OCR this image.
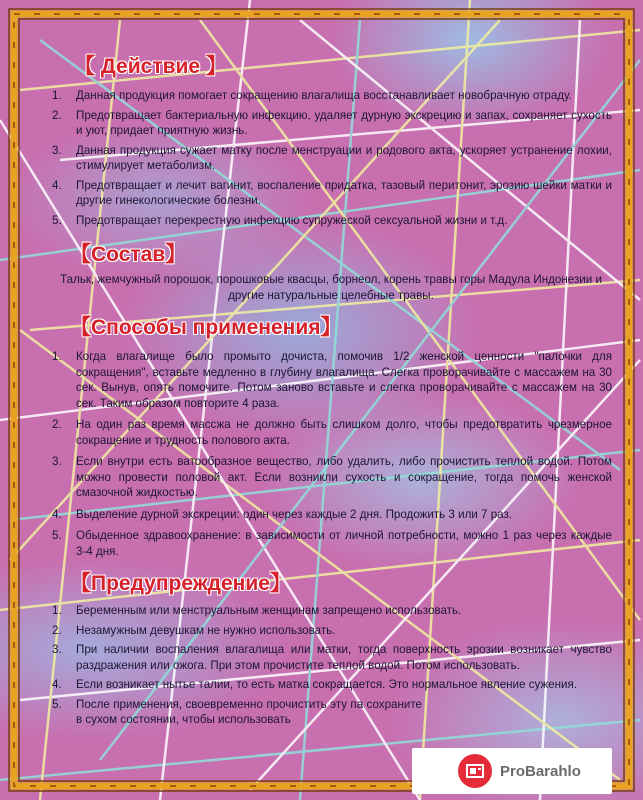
【 Действие 】
1.	Данная продукция помогает сокращению влагалища восстанавливает новобрачную отраду.
2.	Предотвращает бактериальную инфекцию, удаляет дурную экскрецию и запах, сохраняет сухость и уют, придает приятную жизнь.
3.	Данная продукция сужает матку после менструации и родового акта, ускоряет устранение лохии, стимулирует метаболизм.
4.	Предотвращает и лечит вагинит, воспаление придатка, тазовый перитонит, эрозию шейки матки и другие гинекологические болезни.
5.	Предотвращает перекрестную инфекцию супружеской сексуальной жизни и т.д.
【Состав】

Тальк, жемчужный порошок, порошковые квасцы, борнеол, корень травы горы Мадула Индонезии и другие натуральные целебные травы.

【Способы применения】
1.	Когда влагалище было промыто дочиста, помочив 1/2 женской ценности "палочки для сокращения", вставьте медленно в глубину влагалища. Слегка проворачивайте с массажем на 30 сек. Вынув, опять помочите. Потом заново вставьте и слегка проворачивайте с массажем на 30 сек. Таким образом повторите 4 раза.
2.	На один раз время массжа не должно быть слишком долго, чтобы предотвратить чрезмерное сокращение и трудность полового акта.
3.	Если внутри есть ватообразное вещество, либо удалить, либо прочистить теплой водой. Потом можно провести половой акт. Если возникли сухость и сокращение, тогда помочь женской смазочной жидкостью.
4.	Выделение дурной экскреции: один через каждые 2 дня. Продожить 3 или 7 раз.
5.	Обыденное здравоохранение: в зависимости от личной потребности, можно 1 раз через каждые 3-4 дня.
【Предупреждение】
1.	Беременным или менструальным женщинам запрещено использовать.
2.	Незамужным девушкам не нужно использовать.
3.	При наличии воспаления влагалища или матки, тогда поверхность эрозии возникает чувство раздражения или ожога. При этом прочистите теплой водой. Потом использовать.
4.	Если возникает нытье талии, то есть матка сокращается. Это нормальное явление сужения.
5.	После применения, своевременно прочистить эту па сохраните в сухом состоянии, чтобы использовать
ProBarahlo
